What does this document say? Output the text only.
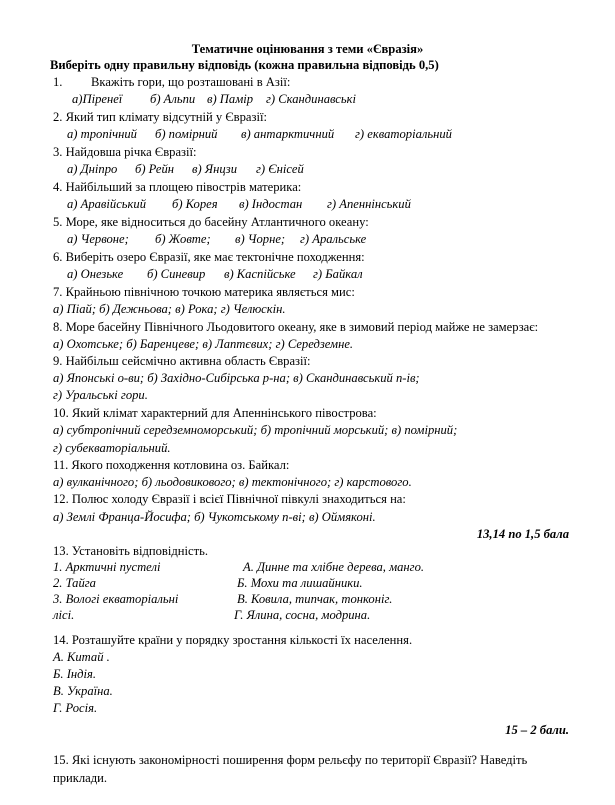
Тематичне оцінювання з теми «Євразія»
Виберіть одну правильну відповідь (кожна правильна відповідь 0,5)
1. Вкажіть гори, що розташовані в Азії:
а)Піренеї б) Альпи в) Памір г) Скандинавські
2. Який тип клімату відсутній у Євразії:
а) тропічний б) помірний в) антарктичний г) екваторіальний
3. Найдовша річка Євразії:
а) Дніпро б) Рейн в) Янцзи г) Єнісей
4. Найбільший за площею півострів материка:
а) Аравійський б) Корея в) Індостан г) Апеннінський
5. Море, яке відноситься до басейну Атлантичного океану:
а) Червоне; б) Жовте; в) Чорне; г) Аральське
6. Виберіть озеро Євразії, яке має тектонічне походження:
а) Онезьке б) Синевир в) Каспійське г) Байкал
7. Крайньою північною точкою материка являється мис:
а) Піай; б) Дежньова; в) Рока; г) Челюскін.
8. Море басейну Північного Льодовитого океану, яке в зимовий період майже не замерзає:
а) Охотське; б) Баренцеве; в) Лаптєвих; г) Середземне.
9. Найбільш сейсмічно активна область Євразії:
а) Японські о-ви; б) Західно-Сибірська р-на; в) Скандинавський п-ів;
г) Уральські гори.
10. Який клімат характерний для Апеннінського півострова:
а) субтропічний середземноморський; б) тропічний морський; в) помірний;
г) субекваторіальний.
11. Якого походження котловина оз. Байкал:
а) вулканічного; б) льодовикового; в) тектонічного; г) карстового.
12. Полюс холоду Євразії і всієї Північної півкулі знаходиться на:
а) Землі Франца-Йосифа; б) Чукотському п-ві; в) Оймяконі.
13,14 по 1,5 бала
13. Установіть відповідність.
1. Арктичні пустелі
2. Тайга
3. Вологі екваторіальні
лісі.
А. Динне та хлібне дерева, манго.
Б. Мохи та лишайники.
В. Ковила, типчак, тонконіг.
Г. Ялина, сосна, модрина.
14. Розташуйте країни у порядку зростання кількості їх населення.
А. Китай .
Б. Індія.
В. Україна.
Г. Росія.
15 – 2 бали.
15. Які існують закономірності поширення форм рельєфу по території Євразії? Наведіть приклади.
